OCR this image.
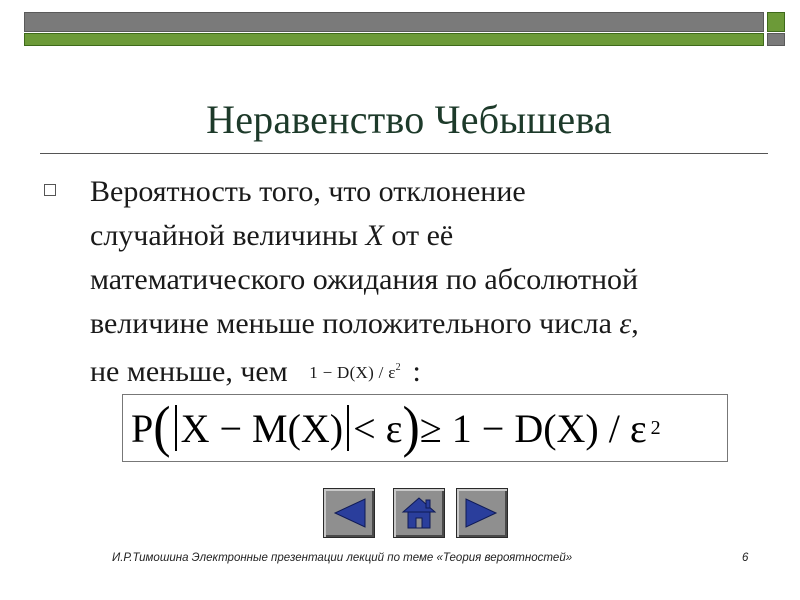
Неравенство Чебышева
Вероятность того, что отклонение
случайной величины X от её
математического ожидания по абсолютной
величине меньше положительного числа ε,
не меньше, чем $1 - D(X) / \varepsilon^2$ :
P ( X − M(X) < ε ) ≥ 1 − D(X) / ε 2
И.Р.Тимошина Электронные презентации лекций по теме «Теория вероятностей»	6
